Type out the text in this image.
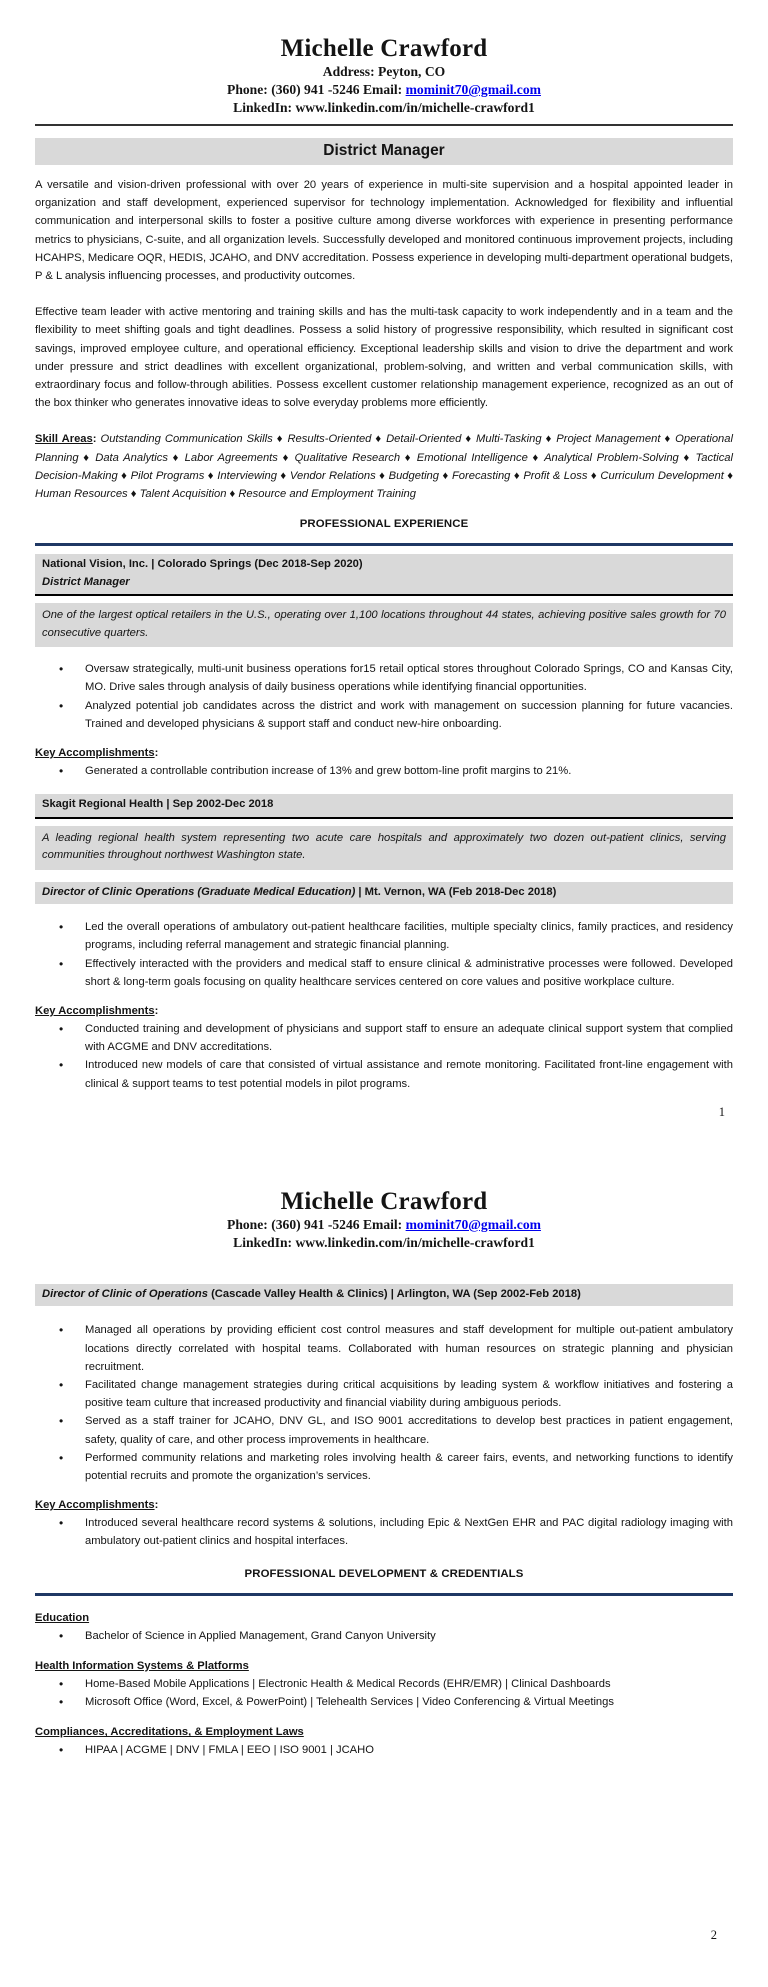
Michelle Crawford
Address: Peyton, CO
Phone: (360) 941 -5246 Email: mominit70@gmail.com
LinkedIn: www.linkedin.com/in/michelle-crawford1
District Manager

A versatile and vision-driven professional with over 20 years of experience in multi-site supervision and a hospital appointed leader in organization and staff development, experienced supervisor for technology implementation. Acknowledged for flexibility and influential communication and interpersonal skills to foster a positive culture among diverse workforces with experience in presenting performance metrics to physicians, C-suite, and all organization levels. Successfully developed and monitored continuous improvement projects, including HCAHPS, Medicare OQR, HEDIS, JCAHO, and DNV accreditation. Possess experience in developing multi-department operational budgets, P & L analysis influencing processes, and productivity outcomes.

Effective team leader with active mentoring and training skills and has the multi-task capacity to work independently and in a team and the flexibility to meet shifting goals and tight deadlines. Possess a solid history of progressive responsibility, which resulted in significant cost savings, improved employee culture, and operational efficiency. Exceptional leadership skills and vision to drive the department and work under pressure and strict deadlines with excellent organizational, problem-solving, and written and verbal communication skills, with extraordinary focus and follow-through abilities. Possess excellent customer relationship management experience, recognized as an out of the box thinker who generates innovative ideas to solve everyday problems more efficiently.

Skill Areas: Outstanding Communication Skills ♦ Results-Oriented ♦ Detail-Oriented ♦ Multi-Tasking ♦ Project Management ♦ Operational Planning ♦ Data Analytics ♦ Labor Agreements ♦ Qualitative Research ♦ Emotional Intelligence ♦ Analytical Problem-Solving ♦ Tactical Decision-Making ♦ Pilot Programs ♦ Interviewing ♦ Vendor Relations ♦ Budgeting ♦ Forecasting ♦ Profit & Loss ♦ Curriculum Development ♦ Human Resources ♦ Talent Acquisition ♦ Resource and Employment Training

PROFESSIONAL EXPERIENCE
National Vision, Inc. | Colorado Springs (Dec 2018-Sep 2020)
District Manager
One of the largest optical retailers in the U.S., operating over 1,100 locations throughout 44 states, achieving positive sales growth for 70 consecutive quarters.
• Oversaw strategically, multi-unit business operations for15 retail optical stores throughout Colorado Springs, CO and Kansas City, MO. Drive sales through analysis of daily business operations while identifying financial opportunities.
• Analyzed potential job candidates across the district and work with management on succession planning for future vacancies. Trained and developed physicians & support staff and conduct new-hire onboarding.
Key Accomplishments:
• Generated a controllable contribution increase of 13% and grew bottom-line profit margins to 21%.
Skagit Regional Health | Sep 2002-Dec 2018
A leading regional health system representing two acute care hospitals and approximately two dozen out-patient clinics, serving communities throughout northwest Washington state.
Director of Clinic Operations (Graduate Medical Education) | Mt. Vernon, WA (Feb 2018-Dec 2018)
• Led the overall operations of ambulatory out-patient healthcare facilities, multiple specialty clinics, family practices, and residency programs, including referral management and strategic financial planning.
• Effectively interacted with the providers and medical staff to ensure clinical & administrative processes were followed. Developed short & long-term goals focusing on quality healthcare services centered on core values and positive workplace culture.
Key Accomplishments:
• Conducted training and development of physicians and support staff to ensure an adequate clinical support system that complied with ACGME and DNV accreditations.
• Introduced new models of care that consisted of virtual assistance and remote monitoring. Facilitated front-line engagement with clinical & support teams to test potential models in pilot programs.
1
Michelle Crawford
Phone: (360) 941 -5246 Email: mominit70@gmail.com
LinkedIn: www.linkedin.com/in/michelle-crawford1
Director of Clinic of Operations (Cascade Valley Health & Clinics) | Arlington, WA (Sep 2002-Feb 2018)
• Managed all operations by providing efficient cost control measures and staff development for multiple out-patient ambulatory locations directly correlated with hospital teams. Collaborated with human resources on strategic planning and physician recruitment.
• Facilitated change management strategies during critical acquisitions by leading system & workflow initiatives and fostering a positive team culture that increased productivity and financial viability during ambiguous periods.
• Served as a staff trainer for JCAHO, DNV GL, and ISO 9001 accreditations to develop best practices in patient engagement, safety, quality of care, and other process improvements in healthcare.
• Performed community relations and marketing roles involving health & career fairs, events, and networking functions to identify potential recruits and promote the organization’s services.
Key Accomplishments:
• Introduced several healthcare record systems & solutions, including Epic & NextGen EHR and PAC digital radiology imaging with ambulatory out-patient clinics and hospital interfaces.
PROFESSIONAL DEVELOPMENT & CREDENTIALS
Education
• Bachelor of Science in Applied Management, Grand Canyon University
Health Information Systems & Platforms
• Home-Based Mobile Applications | Electronic Health & Medical Records (EHR/EMR) | Clinical Dashboards
• Microsoft Office (Word, Excel, & PowerPoint) | Telehealth Services | Video Conferencing & Virtual Meetings
Compliances, Accreditations, & Employment Laws
• HIPAA | ACGME | DNV | FMLA | EEO | ISO 9001 | JCAHO
2
